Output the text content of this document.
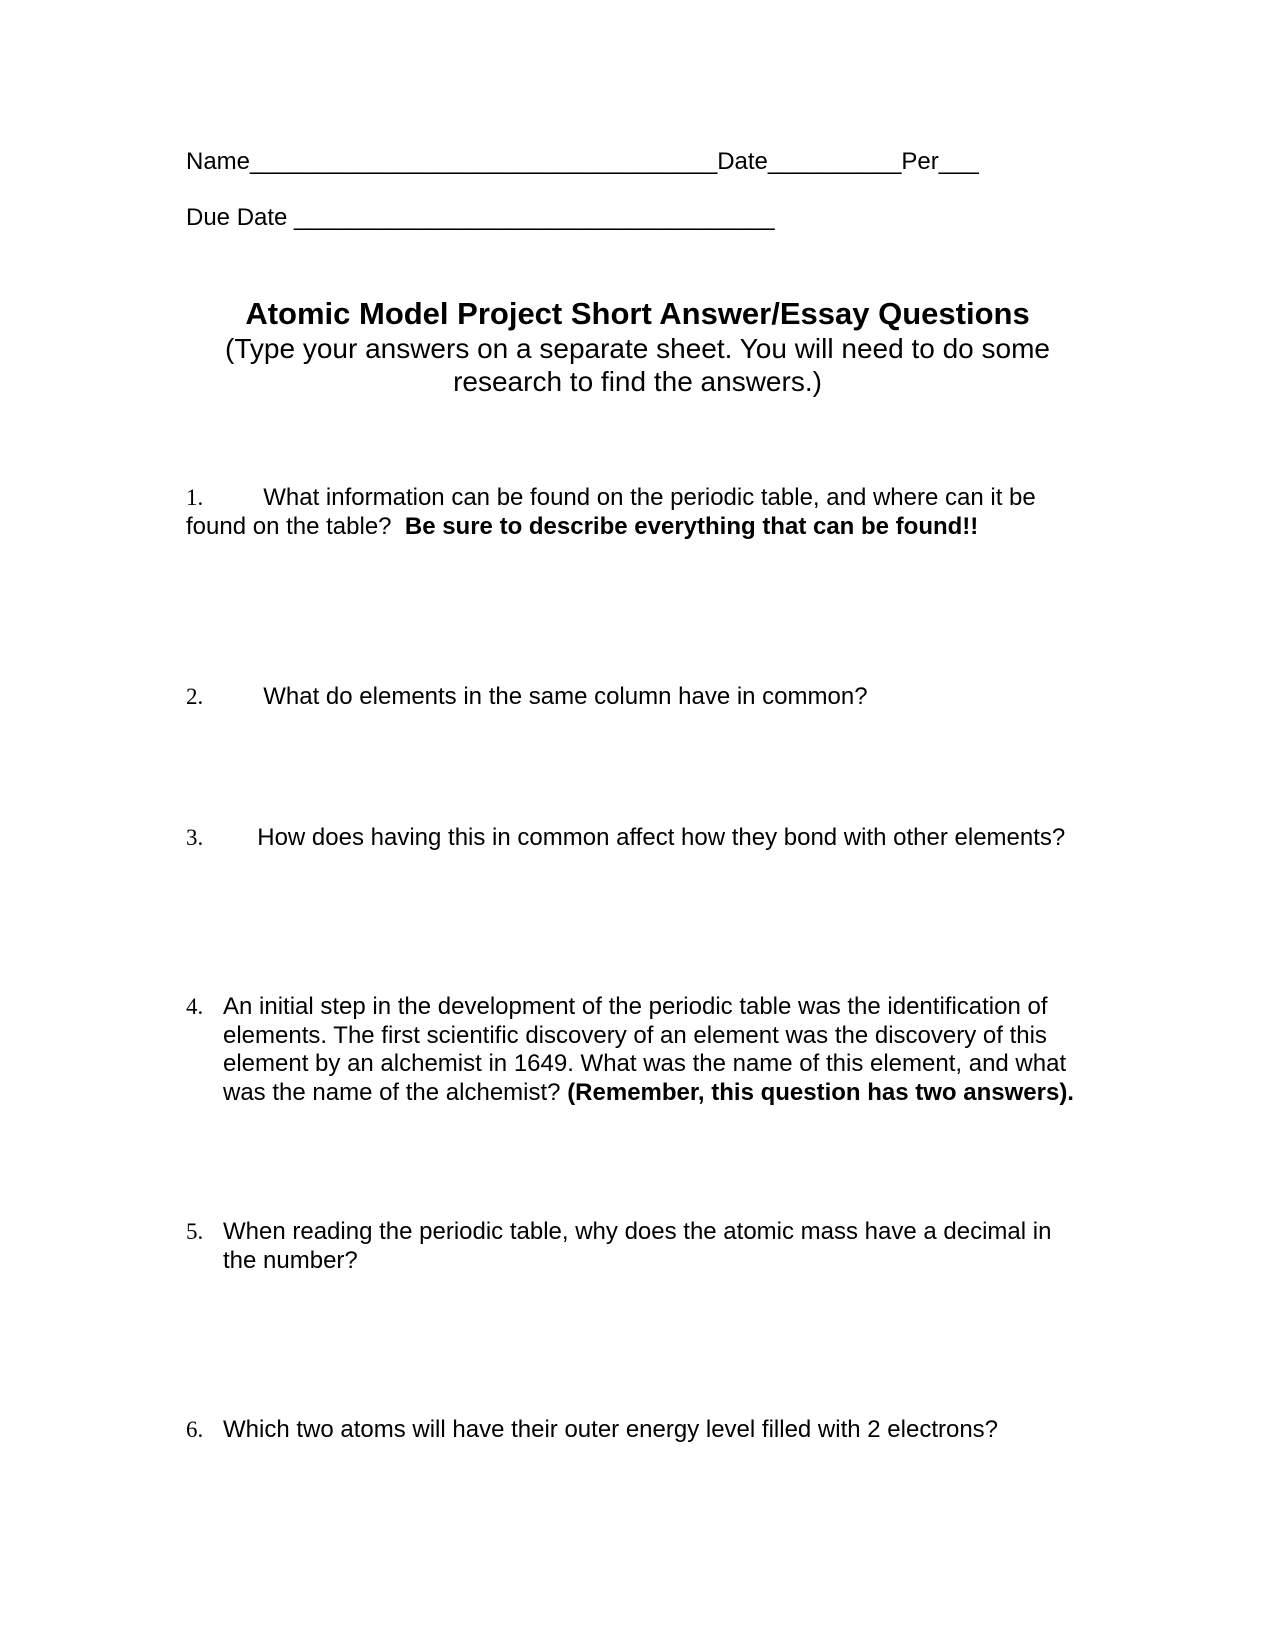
Name___________________________________Date__________Per___
Due Date ____________________________________
Atomic Model Project Short Answer/Essay Questions
(Type your answers on a separate sheet. You will need to do some
research to find the answers.)
1.	What information can be found on the periodic table, and where can it be found on the table? Be sure to describe everything that can be found!!
2.	What do elements in the same column have in common?
3. How does having this in common affect how they bond with other elements?
4. An initial step in the development of the periodic table was the identification of elements. The first scientific discovery of an element was the discovery of this element by an alchemist in 1649. What was the name of this element, and what was the name of the alchemist? (Remember, this question has two answers).
5. When reading the periodic table, why does the atomic mass have a decimal in the number?
6. Which two atoms will have their outer energy level filled with 2 electrons?
